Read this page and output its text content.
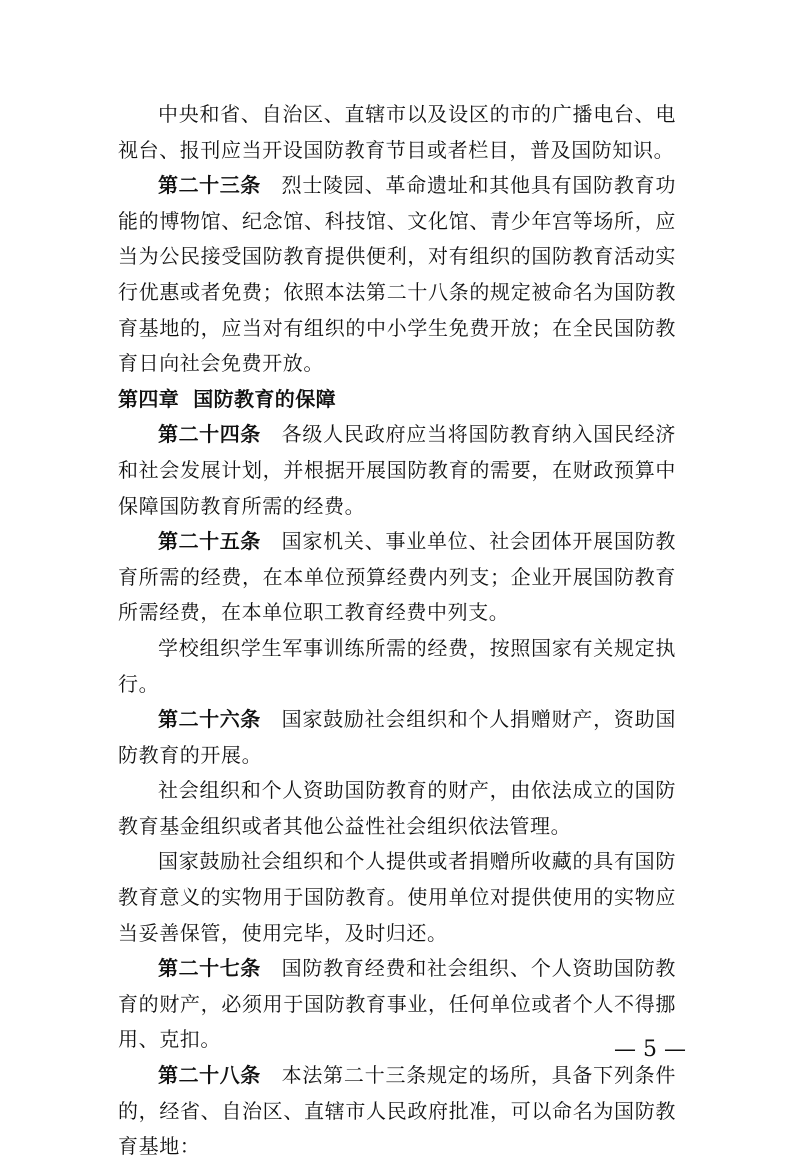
中央和省、自治区、直辖市以及设区的市的广播电台、电视台、报刊应当开设国防教育节目或者栏目，普及国防知识。

第二十三条　 烈士陵园、革命遗址和其他具有国防教育功能的博物馆、纪念馆、科技馆、文化馆、青少年宫等场所，应当为公民接受国防教育提供便利，对有组织的国防教育活动实行优惠或者免费；依照本法第二十八条的规定被命名为国防教育基地的，应当对有组织的中小学生免费开放；在全民国防教育日向社会免费开放。

第四章 国防教育的保障

第二十四条　 各级人民政府应当将国防教育纳入国民经济和社会发展计划，并根据开展国防教育的需要，在财政预算中保障国防教育所需的经费。

第二十五条　 国家机关、事业单位、社会团体开展国防教育所需的经费，在本单位预算经费内列支；企业开展国防教育所需经费，在本单位职工教育经费中列支。

学校组织学生军事训练所需的经费，按照国家有关规定执行。

第二十六条　 国家鼓励社会组织和个人捐赠财产，资助国防教育的开展。

社会组织和个人资助国防教育的财产，由依法成立的国防教育基金组织或者其他公益性社会组织依法管理。

国家鼓励社会组织和个人提供或者捐赠所收藏的具有国防教育意义的实物用于国防教育。使用单位对提供使用的实物应当妥善保管，使用完毕，及时归还。

第二十七条　 国防教育经费和社会组织、个人资助国防教育的财产，必须用于国防教育事业，任何单位或者个人不得挪用、克扣。

第二十八条　 本法第二十三条规定的场所，具备下列条件的，经省、自治区、直辖市人民政府批准，可以命名为国防教育基地：

— 5 —
